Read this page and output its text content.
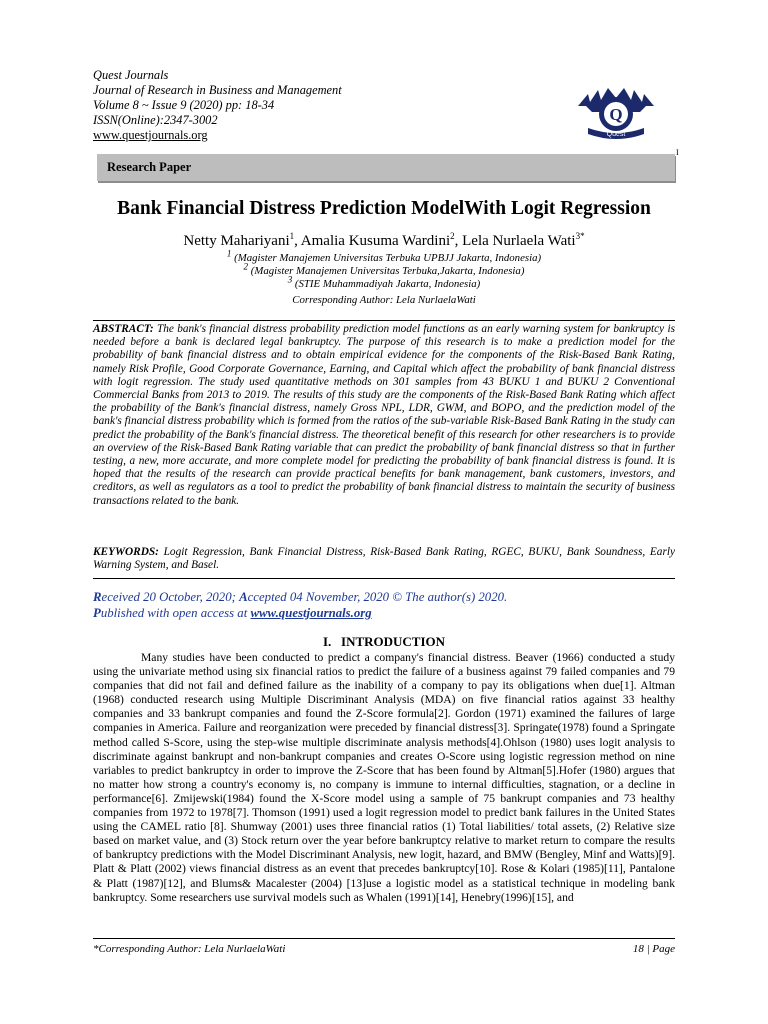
Quest Journals
Journal of Research in Business and Management
Volume 8 ~ Issue 9 (2020) pp: 18-34
ISSN(Online):2347-3002
www.questjournals.org
Q
Quest
I
Research Paper
Bank Financial Distress Prediction ModelWith Logit Regression
Netty Mahariyani$^1$, Amalia Kusuma Wardini$^2$, Lela Nurlaela Wati$^{3*}$
$^1$ (Magister Manajemen Universitas Terbuka UPBJJ Jakarta, Indonesia)
$^2$ (Magister Manajemen Universitas Terbuka,Jakarta, Indonesia)
$^3$ (STIE Muhammadiyah Jakarta, Indonesia)
Corresponding Author: Lela NurlaelaWati
ABSTRACT: The bank's financial distress probability prediction model functions as an early warning system for bankruptcy is needed before a bank is declared legal bankruptcy. The purpose of this research is to make a prediction model for the probability of bank financial distress and to obtain empirical evidence for the components of the Risk-Based Bank Rating, namely Risk Profile, Good Corporate Governance, Earning, and Capital which affect the probability of bank financial distress with logit regression. The study used quantitative methods on 301 samples from 43 BUKU 1 and BUKU 2 Conventional Commercial Banks from 2013 to 2019. The results of this study are the components of the Risk-Based Bank Rating which affect the probability of the Bank's financial distress, namely Gross NPL, LDR, GWM, and BOPO, and the prediction model of the bank's financial distress probability which is formed from the ratios of the sub-variable Risk-Based Bank Rating in the study can predict the probability of the Bank's financial distress. The theoretical benefit of this research for other researchers is to provide an overview of the Risk-Based Bank Rating variable that can predict the probability of bank financial distress so that in further testing, a new, more accurate, and more complete model for predicting the probability of bank financial distress is found. It is hoped that the results of the research can provide practical benefits for bank management, bank customers, investors, and creditors, as well as regulators as a tool to predict the probability of bank financial distress to maintain the security of business transactions related to the bank.
KEYWORDS: Logit Regression, Bank Financial Distress, Risk-Based Bank Rating, RGEC, BUKU, Bank Soundness, Early Warning System, and Basel.
Received 20 October, 2020; Accepted 04 November, 2020 © The author(s) 2020.
Published with open access at www.questjournals.org
I. INTRODUCTION
Many studies have been conducted to predict a company's financial distress. Beaver (1966) conducted a study using the univariate method using six financial ratios to predict the failure of a business against 79 failed companies and 79 companies that did not fail and defined failure as the inability of a company to pay its obligations when due[1]. Altman (1968) conducted research using Multiple Discriminant Analysis (MDA) on five financial ratios against 33 healthy companies and 33 bankrupt companies and found the Z-Score formula[2]. Gordon (1971) examined the failures of large companies in America. Failure and reorganization were preceded by financial distress[3]. Springate(1978) found a Springate method called S-Score, using the step-wise multiple discriminate analysis methods[4].Ohlson (1980) uses logit analysis to discriminate against bankrupt and non-bankrupt companies and creates O-Score using logistic regression method on nine variables to predict bankruptcy in order to improve the Z-Score that has been found by Altman[5].Hofer (1980) argues that no matter how strong a country's economy is, no company is immune to internal difficulties, stagnation, or a decline in performance[6]. Zmijewski(1984) found the X-Score model using a sample of 75 bankrupt companies and 73 healthy companies from 1972 to 1978[7]. Thomson (1991) used a logit regression model to predict bank failures in the United States using the CAMEL ratio [8]. Shumway (2001) uses three financial ratios (1) Total liabilities/ total assets, (2) Relative size based on market value, and (3) Stock return over the year before bankruptcy relative to market return to compare the results of bankruptcy predictions with the Model Discriminant Analysis, new logit, hazard, and BMW (Bengley, Minf and Watts)[9]. Platt & Platt (2002) views financial distress as an event that precedes bankruptcy[10]. Rose & Kolari (1985)[11], Pantalone & Platt (1987)[12], and Blums& Macalester (2004) [13]use a logistic model as a statistical technique in modeling bank bankruptcy. Some researchers use survival models such as Whalen (1991)[14], Henebry(1996)[15], and
*Corresponding Author: Lela NurlaelaWati	18 | Page
